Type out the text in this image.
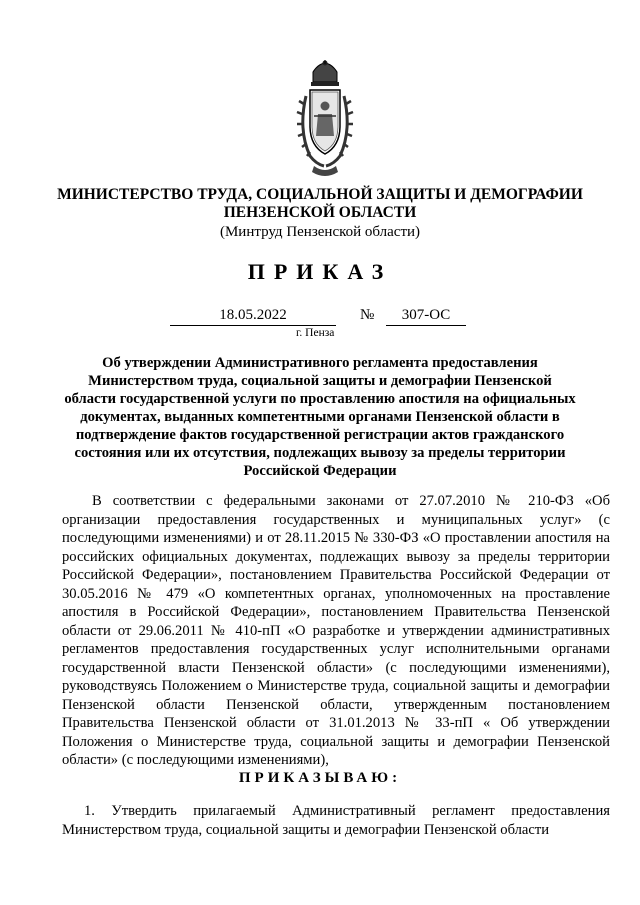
МИНИСТЕРСТВО ТРУДА, СОЦИАЛЬНОЙ ЗАЩИТЫ И ДЕМОГРАФИИ
ПЕНЗЕНСКОЙ ОБЛАСТИ
(Минтруд Пензенской области)
ПРИКАЗ
18.05.2022	№	307-ОС
г. Пенза
Об утверждении Административного регламента предоставления Министерством труда, социальной защиты и демографии Пензенской области государственной услуги по проставлению апостиля на официальных документах, выданных компетентными органами Пензенской области в подтверждение фактов государственной регистрации актов гражданского состояния или их отсутствия, подлежащих вывозу за пределы территории Российской Федерации

В соответствии с федеральными законами от 27.07.2010 № 210-ФЗ «Об организации предоставления государственных и муниципальных услуг» (с последующими изменениями) и от 28.11.2015 № 330-ФЗ «О проставлении апостиля на российских официальных документах, подлежащих вывозу за пределы территории Российской Федерации», постановлением Правительства Российской Федерации от 30.05.2016 № 479 «О компетентных органах, уполномоченных на проставление апостиля в Российской Федерации», постановлением Правительства Пензенской области от 29.06.2011 № 410-пП «О разработке и утверждении административных регламентов предоставления государственных услуг исполнительными органами государственной власти Пензенской области» (с последующими изменениями), руководствуясь Положением о Министерстве труда, социальной защиты и демографии Пензенской области Пензенской области, утвержденным постановлением Правительства Пензенской области от 31.01.2013 № 33-пП « Об утверждении Положения о Министерстве труда, социальной защиты и демографии Пензенской области» (с последующими изменениями),

ПРИКАЗЫВАЮ:

1. Утвердить прилагаемый Административный регламент предоставления Министерством труда, социальной защиты и демографии Пензенской области
